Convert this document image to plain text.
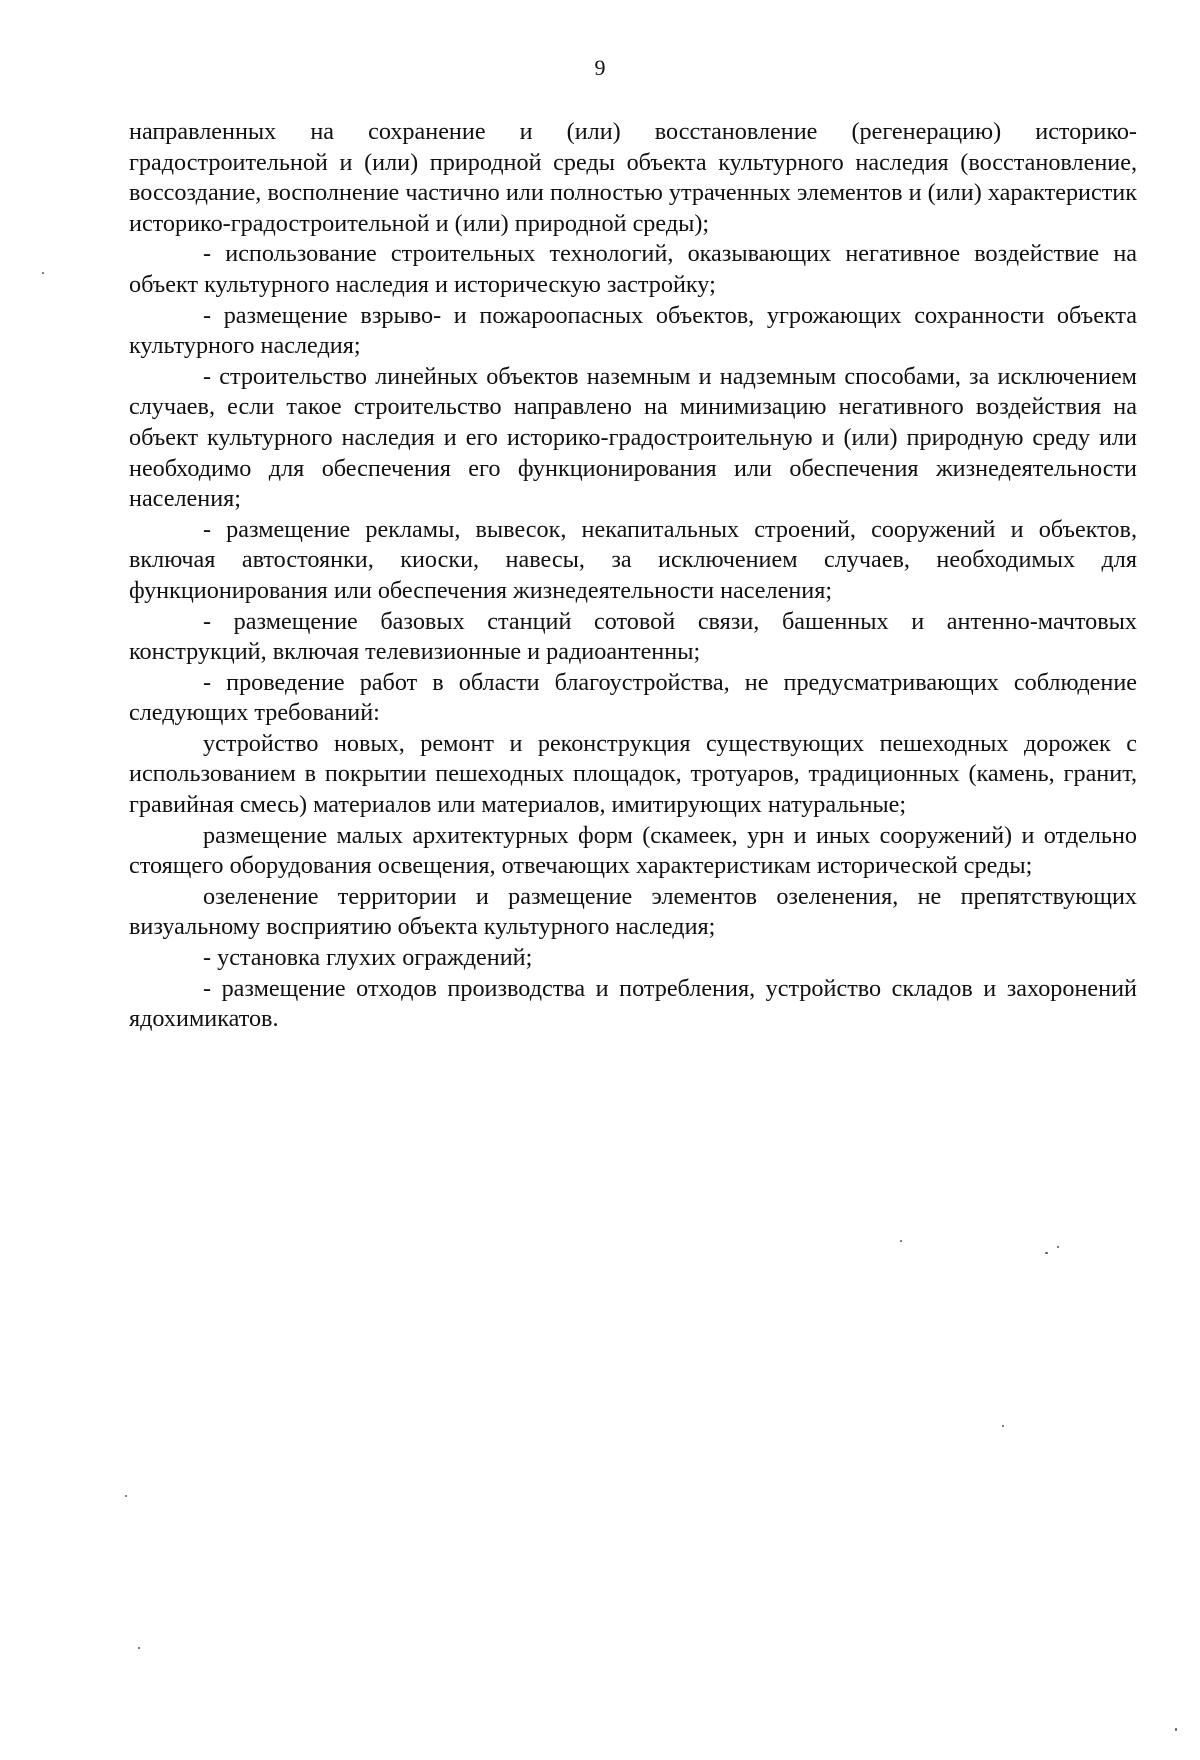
9

направленных на сохранение и (или) восстановление (регенерацию) историко-градостроительной и (или) природной среды объекта культурного наследия (восстановление, воссоздание, восполнение частично или полностью утраченных элементов и (или) характеристик историко-градостроительной и (или) природной среды);

- использование строительных технологий, оказывающих негативное воздействие на объект культурного наследия и историческую застройку;

- размещение взрыво- и пожароопасных объектов, угрожающих сохранности объекта культурного наследия;

- строительство линейных объектов наземным и надземным способами, за исключением случаев, если такое строительство направлено на минимизацию негативного воздействия на объект культурного наследия и его историко-градостроительную и (или) природную среду или необходимо для обеспечения его функционирования или обеспечения жизнедеятельности населения;

- размещение рекламы, вывесок, некапитальных строений, сооружений и объектов, включая автостоянки, киоски, навесы, за исключением случаев, необходимых для функционирования или обеспечения жизнедеятельности населения;

- размещение базовых станций сотовой связи, башенных и антенно-мачтовых конструкций, включая телевизионные и радиоантенны;

- проведение работ в области благоустройства, не предусматривающих соблюдение следующих требований:

устройство новых, ремонт и реконструкция существующих пешеходных дорожек с использованием в покрытии пешеходных площадок, тротуаров, традиционных (камень, гранит, гравийная смесь) материалов или материалов, имитирующих натуральные;

размещение малых архитектурных форм (скамеек, урн и иных сооружений) и отдельно стоящего оборудования освещения, отвечающих характеристикам исторической среды;

озеленение территории и размещение элементов озеленения, не препятствующих визуальному восприятию объекта культурного наследия;

- установка глухих ограждений;

- размещение отходов производства и потребления, устройство складов и захоронений ядохимикатов.
